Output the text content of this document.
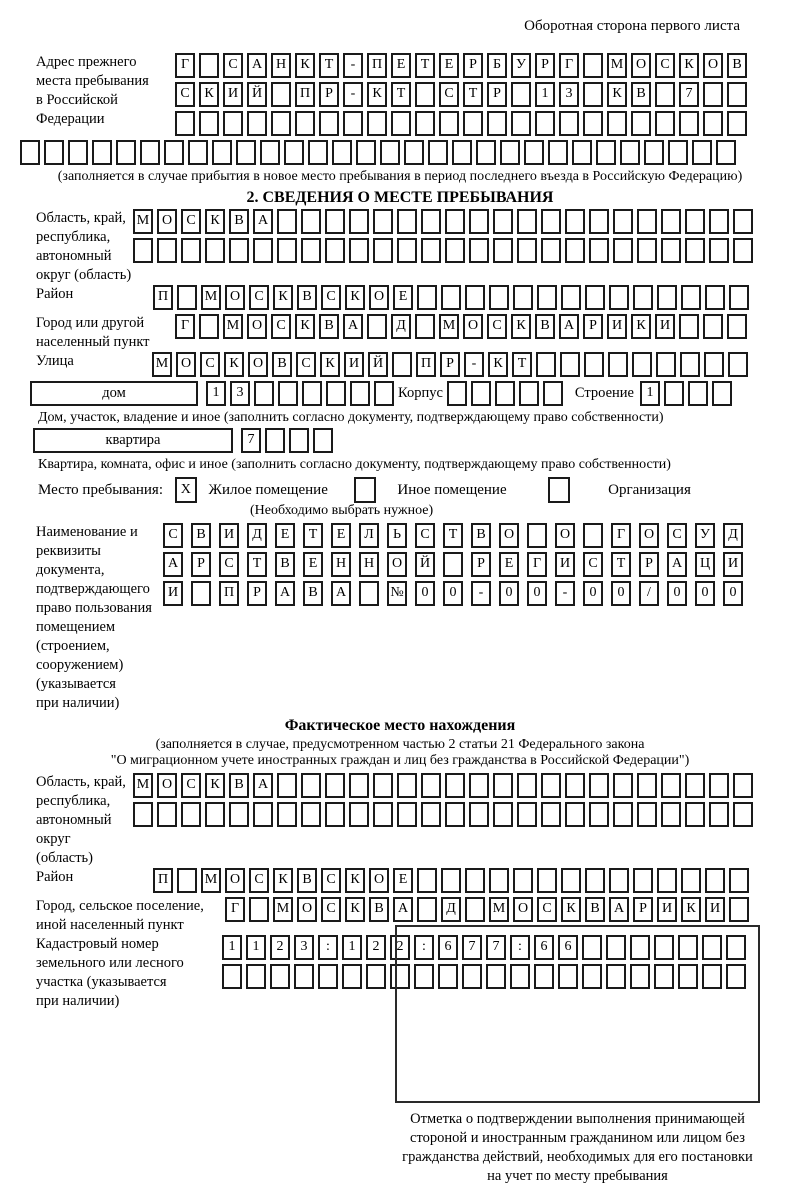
Оборотная сторона первого листа
Адрес прежнего
места пребывания
в Российской
Федерации
Г	С А Н К Т - П Е Т Е Р Б У Р Г	М О С К О В
С К И Й	П Р - К Т	С Т Р	1 3	К В	7
(заполняется в случае прибытия в новое место пребывания в период последнего въезда в Российскую Федерацию)
2. СВЕДЕНИЯ О МЕСТЕ ПРЕБЫВАНИЯ
Область, край,
республика,
автономный
округ (область)
М О С К В А
Район	П	М О С К В С К О Е
Город или другой
населенный пункт
Г	М О С К В А	Д	М О С К В А Р И К И
Улица	М О С К О В С К И Й	П Р - К Т
дом	1 3	Корпус	Строение 1
Дом, участок, владение и иное (заполнить согласно документу, подтверждающему право собственности)
квартира	7
Квартира, комната, офис и иное (заполнить согласно документу, подтверждающему право собственности)
Место пребывания: X Жилое помещение	Иное помещение	Организация
(Необходимо выбрать нужное)
Наименование и реквизиты
документа, подтверждающего
право пользования
помещением (строением,
сооружением) (указывается
при наличии)
С В И Д Е Т Е Л Ь С Т В О	О	Г О С У Д
А Р С Т В Е Н Н О Й	Р Е Г И С Т Р А Ц И
И	П Р А В А	№ 0 0 - 0 0 - 0 0 / 0 0 0
Фактическое место нахождения
(заполняется в случае, предусмотренном частью 2 статьи 21 Федерального закона
"О миграционном учете иностранных граждан и лиц без гражданства в Российской Федерации")
Область, край,
республика,
автономный округ
(область)
М О С К В А
Район	П	М О С К В С К О Е
Город, сельское поселение,
иной населенный пункт
Г	М О С К В А	Д	М О С К В А Р И К И
Кадастровый номер
земельного или лесного
участка (указывается
при наличии)
1 1 2 3 : 1 2 2 : 6 7 7 : 6 6
Отметка о подтверждении выполнения принимающей
стороной и иностранным гражданином или лицом без
гражданства действий, необходимых для его постановки
на учет по месту пребывания
